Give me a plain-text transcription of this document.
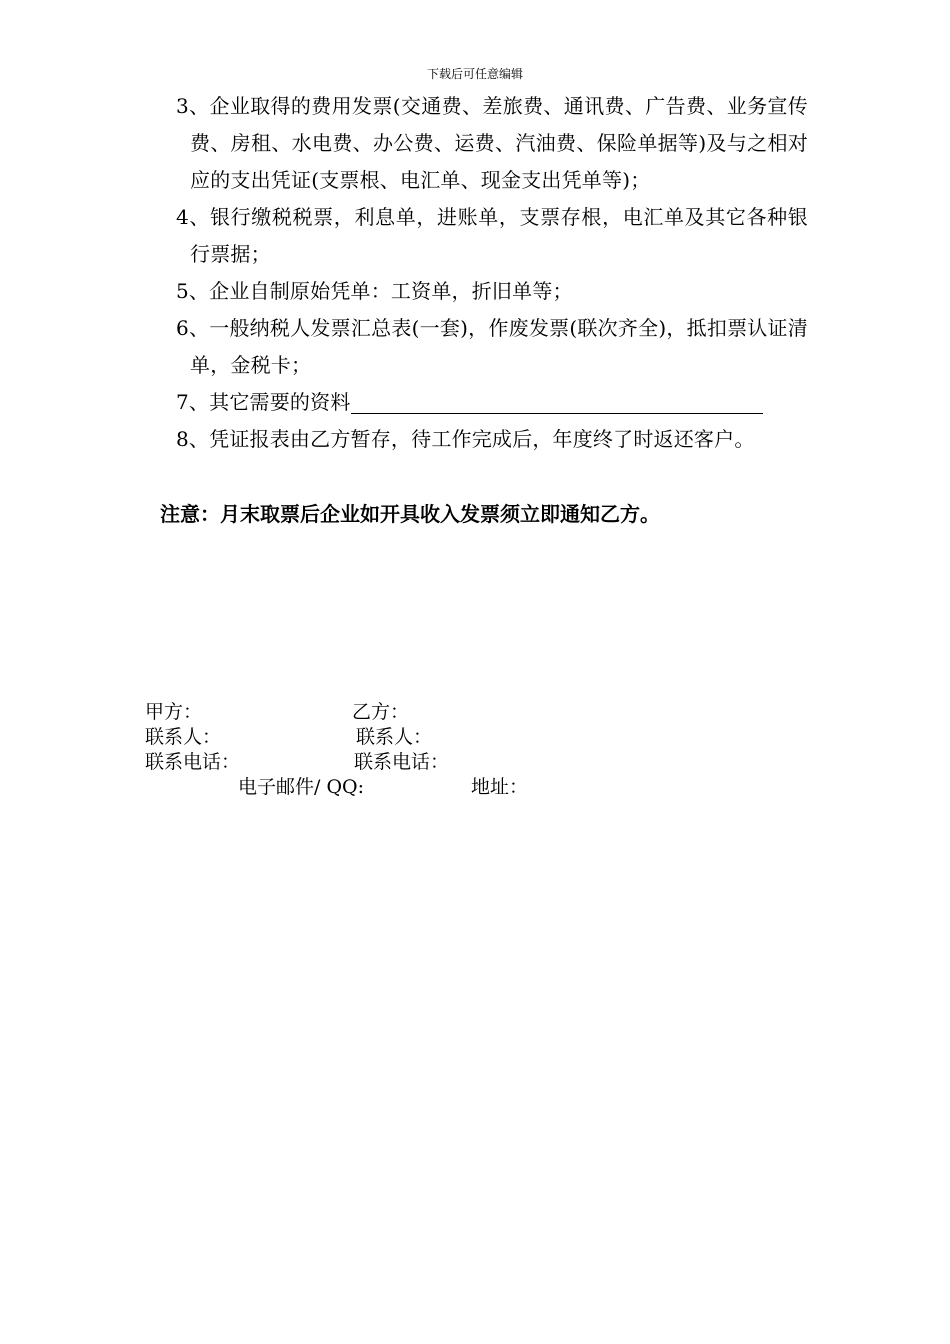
下载后可任意编辑
3、企业取得的费用发票(交通费、差旅费、通讯费、广告费、业务宣传费、房租、水电费、办公费、运费、汽油费、保险单据等)及与之相对应的支出凭证(支票根、电汇单、现金支出凭单等)；
4、银行缴税税票，利息单，进账单，支票存根，电汇单及其它各种银行票据；
5、企业自制原始凭单：工资单，折旧单等；
6、一般纳税人发票汇总表(一套)，作废发票(联次齐全)，抵扣票认证清单，金税卡；
7、其它需要的资料
8、凭证报表由乙方暂存，待工作完成后，年度终了时返还客户。
注意：月末取票后企业如开具收入发票须立即通知乙方。
甲方：	乙方：
联系人：	联系人：
联系电话：	联系电话：
电子邮件/ QQ:	地址：
